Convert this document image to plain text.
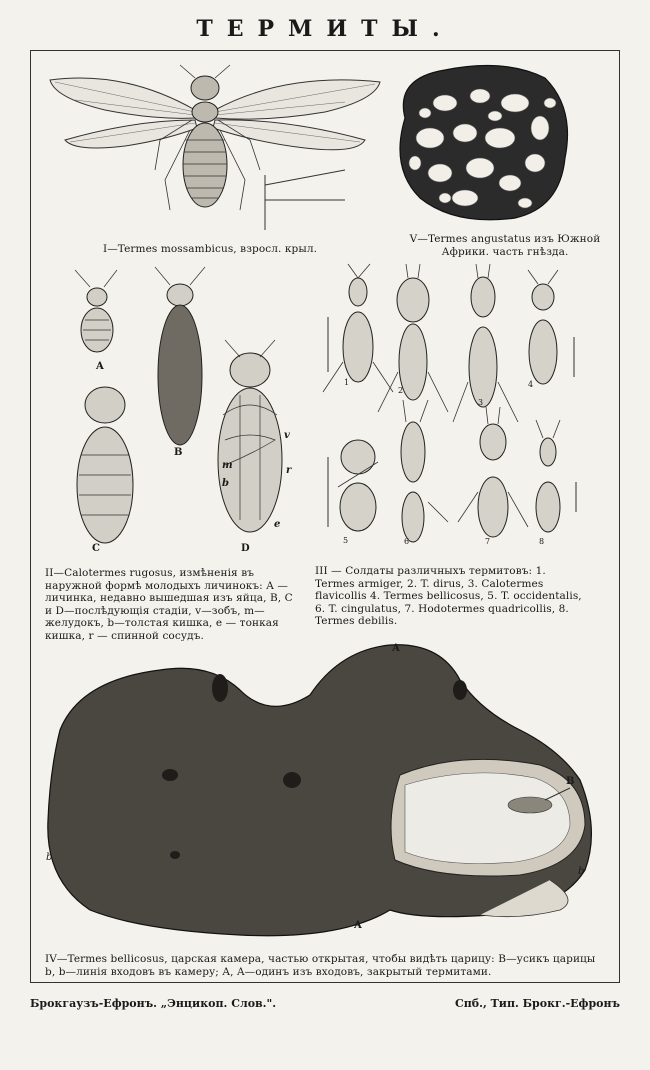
ТЕРМИТЫ.
I—Termes mossambicus, взросл. крыл.
V—Termes angustatus изъ Южной Африки. часть гнѣзда.
A
B
C	D
v
m	r
b
e
II—Calotermes rugosus, измѣненія въ наружной формѣ молодыхъ личинокъ: A — личинка, недавно вышедшая изъ яйца, B, C и D—послѣдующія стадіи, v—зобъ, m—желудокъ, b—толстая кишка, e — тонкая кишка, r — спинной сосудъ.
1
2
3
4
5	6	7	8
III — Солдаты различныхъ термитовъ: 1. Termes armiger, 2. T. dirus, 3. Calotermes flavicollis 4. Termes bellicosus, 5. T. occidentalis, 6. T. cingulatus, 7. Hodotermes quadricollis, 8. Termes debilis.
A
A
B
b
b
IV—Termes bellicosus, царская камера, частью открытая, чтобы видѣть царицу: B—усикъ царицы b, b—линія входовъ въ камеру; A, A—одинъ изъ входовъ, закрытый термитами.
Брокгаузъ-Ефронъ. „Энцикоп. Слов.".	Спб., Тип. Брокг.-Ефронъ
